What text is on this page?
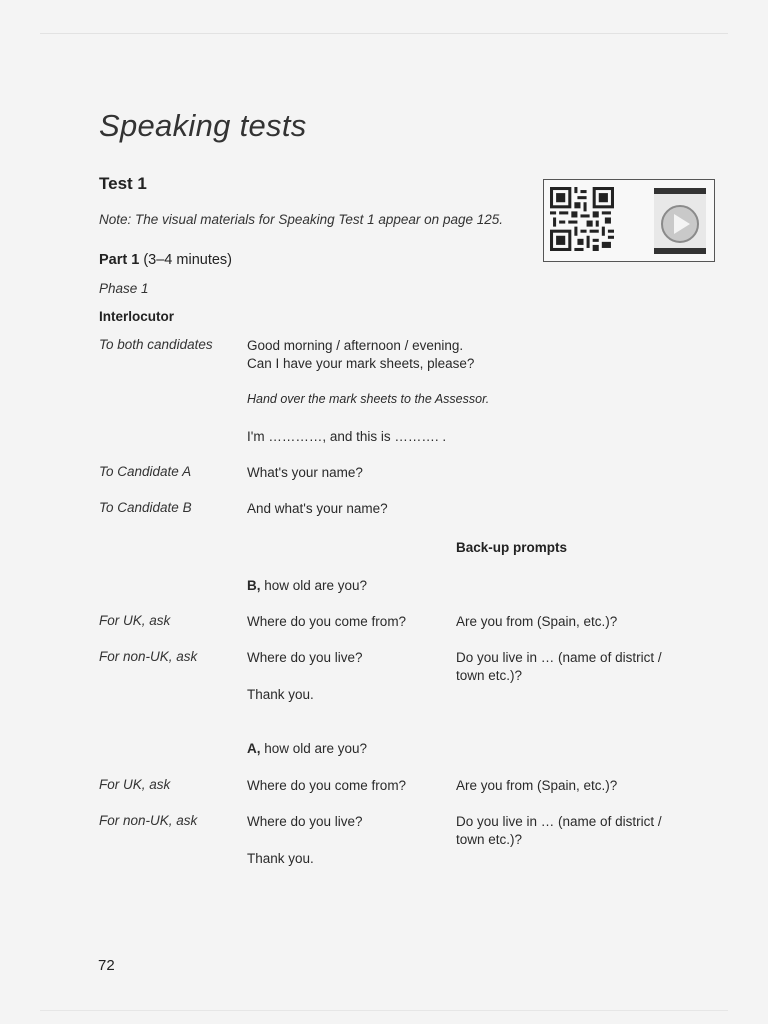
Speaking tests
Test 1
Note: The visual materials for Speaking Test 1 appear on page 125.
Part 1 (3–4 minutes)
Phase 1
Interlocutor
To both candidates	Good morning / afternoon / evening.
Can I have your mark sheets, please?
Hand over the mark sheets to the Assessor.
I'm …………, and this is ………. .
To Candidate A	What's your name?
To Candidate B	And what's your name?
Back-up prompts
B, how old are you?
For UK, ask	Where do you come from?	Are you from (Spain, etc.)?
For non-UK, ask	Where do you live?	Do you live in … (name of district /
town etc.)?
Thank you.
A, how old are you?
For UK, ask	Where do you come from?	Are you from (Spain, etc.)?
For non-UK, ask	Where do you live?	Do you live in … (name of district /
town etc.)?
Thank you.
72
